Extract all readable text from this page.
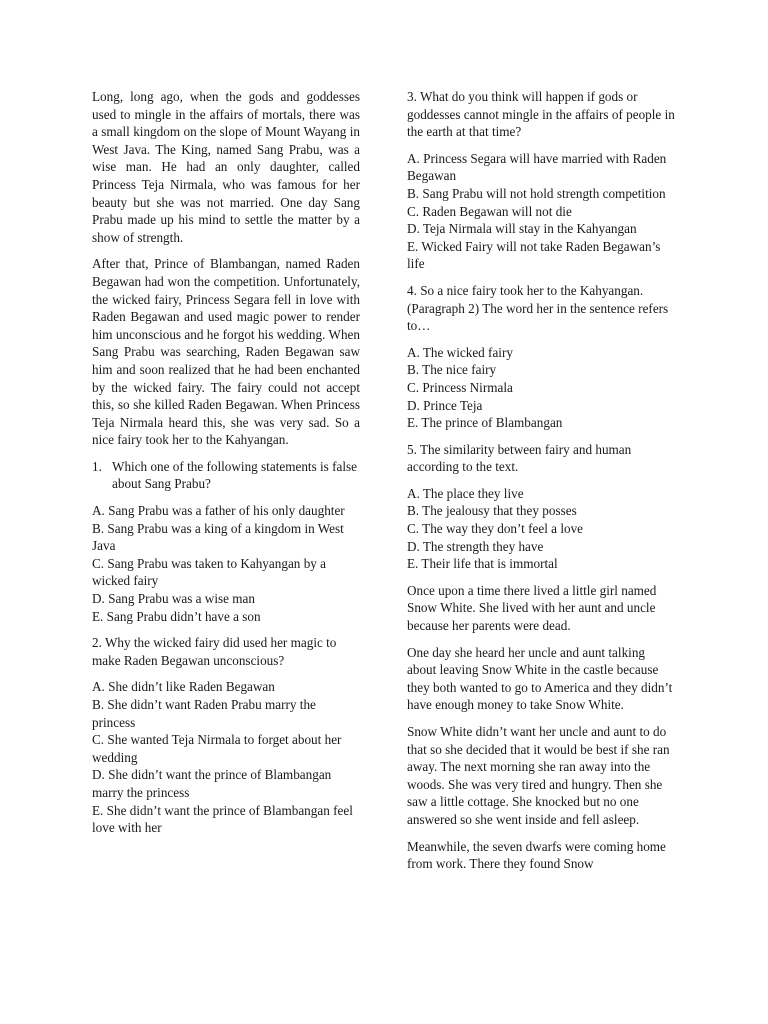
Long, long ago, when the gods and goddesses used to mingle in the affairs of mortals, there was a small kingdom on the slope of Mount Wayang in West Java. The King, named Sang Prabu, was a wise man. He had an only daughter, called Princess Teja Nirmala, who was famous for her beauty but she was not married. One day Sang Prabu made up his mind to settle the matter by a show of strength.

After that, Prince of Blambangan, named Raden Begawan had won the competition. Unfortunately, the wicked fairy, Princess Segara fell in love with Raden Begawan and used magic power to render him unconscious and he forgot his wedding. When Sang Prabu was searching, Raden Begawan saw him and soon realized that he had been enchanted by the wicked fairy. The fairy could not accept this, so she killed Raden Begawan. When Princess Teja Nirmala heard this, she was very sad. So a nice fairy took her to the Kahyangan.

1. Which one of the following statements is false about Sang Prabu?
A. Sang Prabu was a father of his only daughter
B. Sang Prabu was a king of a kingdom in West Java
C. Sang Prabu was taken to Kahyangan by a wicked fairy
D. Sang Prabu was a wise man
E. Sang Prabu didn’t have a son

2. Why the wicked fairy did used her magic to make Raden Begawan unconscious?

A. She didn’t like Raden Begawan
B. She didn’t want Raden Prabu marry the princess
C. She wanted Teja Nirmala to forget about her wedding
D. She didn’t want the prince of Blambangan marry the princess
E. She didn’t want the prince of Blambangan feel love with her

3. What do you think will happen if gods or goddesses cannot mingle in the affairs of people in the earth at that time?

A. Princess Segara will have married with Raden Begawan
B. Sang Prabu will not hold strength competition
C. Raden Begawan will not die
D. Teja Nirmala will stay in the Kahyangan
E. Wicked Fairy will not take Raden Begawan’s life

4. So a nice fairy took her to the Kahyangan. (Paragraph 2) The word her in the sentence refers to…

A. The wicked fairy
B. The nice fairy
C. Princess Nirmala
D. Prince Teja
E. The prince of Blambangan

5. The similarity between fairy and human according to the text.

A. The place they live
B. The jealousy that they posses
C. The way they don’t feel a love
D. The strength they have
E. Their life that is immortal

Once upon a time there lived a little girl named Snow White. She lived with her aunt and uncle because her parents were dead.

One day she heard her uncle and aunt talking about leaving Snow White in the castle because they both wanted to go to America and they didn’t have enough money to take Snow White.

Snow White didn’t want her uncle and aunt to do that so she decided that it would be best if she ran away. The next morning she ran away into the woods. She was very tired and hungry. Then she saw a little cottage. She knocked but no one answered so she went inside and fell asleep.

Meanwhile, the seven dwarfs were coming home from work. There they found Snow
